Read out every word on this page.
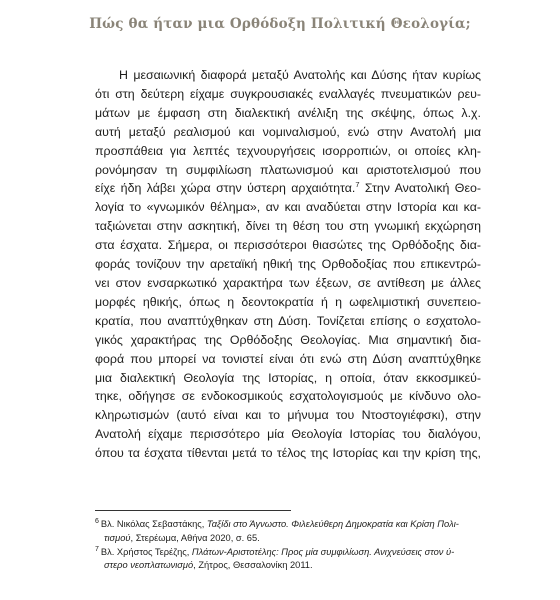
Πώς θα ήταν μια Ορθόδοξη Πολιτική Θεολογία;
Η μεσαιωνική διαφορά μεταξύ Ανατολής και Δύσης ήταν κυρίως
ότι στη δεύτερη είχαμε συγκρουσιακές εναλλαγές πνευματικών ρευ-
μάτων με έμφαση στη διαλεκτική ανέλιξη της σκέψης, όπως λ.χ.
αυτή μεταξύ ρεαλισμού και νομιναλισμού, ενώ στην Ανατολή μια
προσπάθεια για λεπτές τεχνουργήσεις ισορροπιών, οι οποίες κλη-
ρονόμησαν τη συμφιλίωση πλατωνισμού και αριστοτελισμού που
είχε ήδη λάβει χώρα στην ύστερη αρχαιότητα.$^7$ Στην Ανατολική Θεο-
λογία το «γνωμικόν θέλημα», αν και αναδύεται στην Ιστορία και κα-
ταξιώνεται στην ασκητική, δίνει τη θέση του στη γνωμική εκχώρηση
στα έσχατα. Σήμερα, οι περισσότεροι θιασώτες της Ορθόδοξης δια-
φοράς τονίζουν την αρεταϊκή ηθική της Ορθοδοξίας που επικεντρώ-
νει στον ενσαρκωτικό χαρακτήρα των έξεων, σε αντίθεση με άλλες
μορφές ηθικής, όπως η δεοντοκρατία ή η ωφελιμιστική συνεπειο-
κρατία, που αναπτύχθηκαν στη Δύση. Τονίζεται επίσης ο εσχατολο-
γικός χαρακτήρας της Ορθόδοξης Θεολογίας. Μια σημαντική δια-
φορά που μπορεί να τονιστεί είναι ότι ενώ στη Δύση αναπτύχθηκε
μια διαλεκτική Θεολογία της Ιστορίας, η οποία, όταν εκκοσμικεύ-
τηκε, οδήγησε σε ενδοκοσμικούς εσχατολογισμούς με κίνδυνο ολο-
κληρωτισμών (αυτό είναι και το μήνυμα του Ντοστογιέφσκι), στην
Ανατολή είχαμε περισσότερο μία Θεολογία Ιστορίας του διαλόγου,
όπου τα έσχατα τίθενται μετά το τέλος της Ιστορίας και την κρίση της,
$^6$ Βλ. Νικόλας Σεβαστάκης, Ταξίδι στο Άγνωστο. Φιλελεύθερη Δημοκρατία και Κρίση Πολι-
τισμού, Στερέωμα, Αθήνα 2020, σ. 65.
$^7$ Βλ. Χρήστος Τερέζης, Πλάτων-Αριστοτέλης: Προς μία συμφιλίωση. Ανιχνεύσεις στον ύ-
στερο νεοπλατωνισμό, Ζήτρος, Θεσσαλονίκη 2011.
